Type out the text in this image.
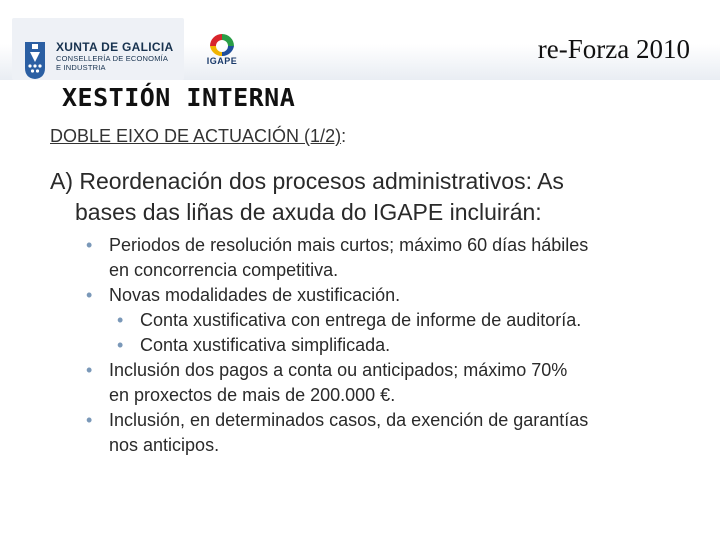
XUNTA DE GALICIA
CONSELLERÍA DE ECONOMÍA
E INDUSTRIA
IGAPE	re-Forza 2010
XESTIÓN INTERNA
DOBLE EIXO DE ACTUACIÓN (1/2):
A) Reordenación dos procesos administrativos: As
bases das liñas de axuda do IGAPE incluirán:
• Periodos de resolución mais curtos; máximo 60 días hábiles
en concorrencia competitiva.
• Novas modalidades de xustificación.
• Conta xustificativa con entrega de informe de auditoría.
• Conta xustificativa simplificada.
• Inclusión dos pagos a conta ou anticipados; máximo 70%
en proxectos de mais de 200.000 €.
• Inclusión, en determinados casos, da exención de garantías
nos anticipos.
